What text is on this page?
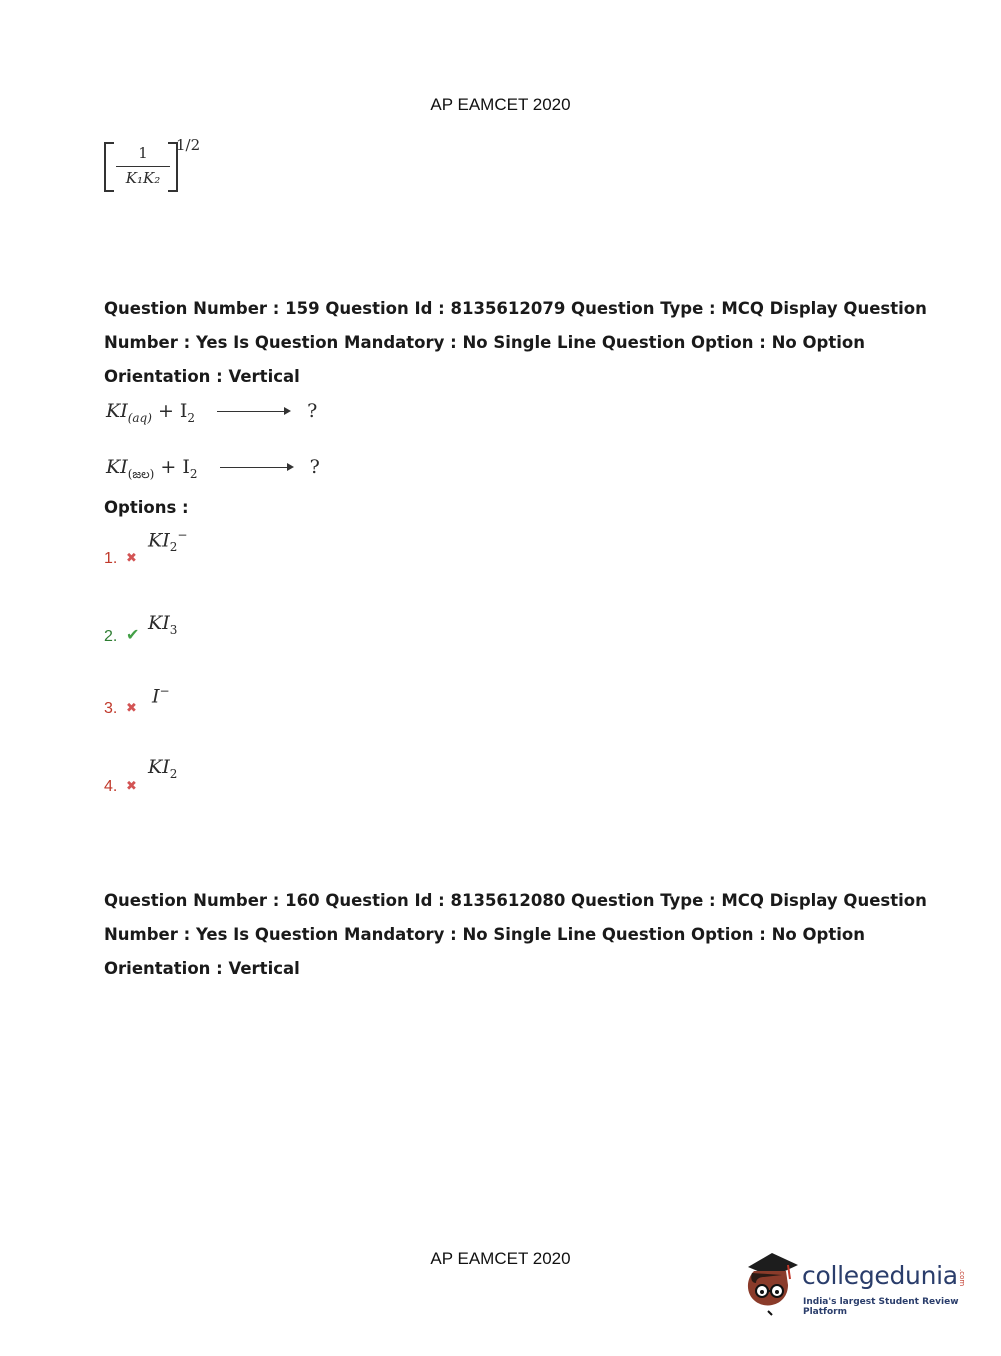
AP EAMCET 2020
1
K₁K₂
1/2
Question Number : 159 Question Id : 8135612079 Question Type : MCQ Display Question
Number : Yes Is Question Mandatory : No Single Line Question Option : No Option
Orientation : Vertical
$KI_{(aq)} + I_2$	?
$KI_{(జల)} + I_2$	?
Options :
1. ✖
$KI_2^-$
2. ✔
$KI_3$
3. ✖
I−
4. ✖
$KI_2$
Question Number : 160 Question Id : 8135612080 Question Type : MCQ Display Question
Number : Yes Is Question Mandatory : No Single Line Question Option : No Option
Orientation : Vertical
AP EAMCET 2020
collegedunia .com
India's largest Student Review Platform
